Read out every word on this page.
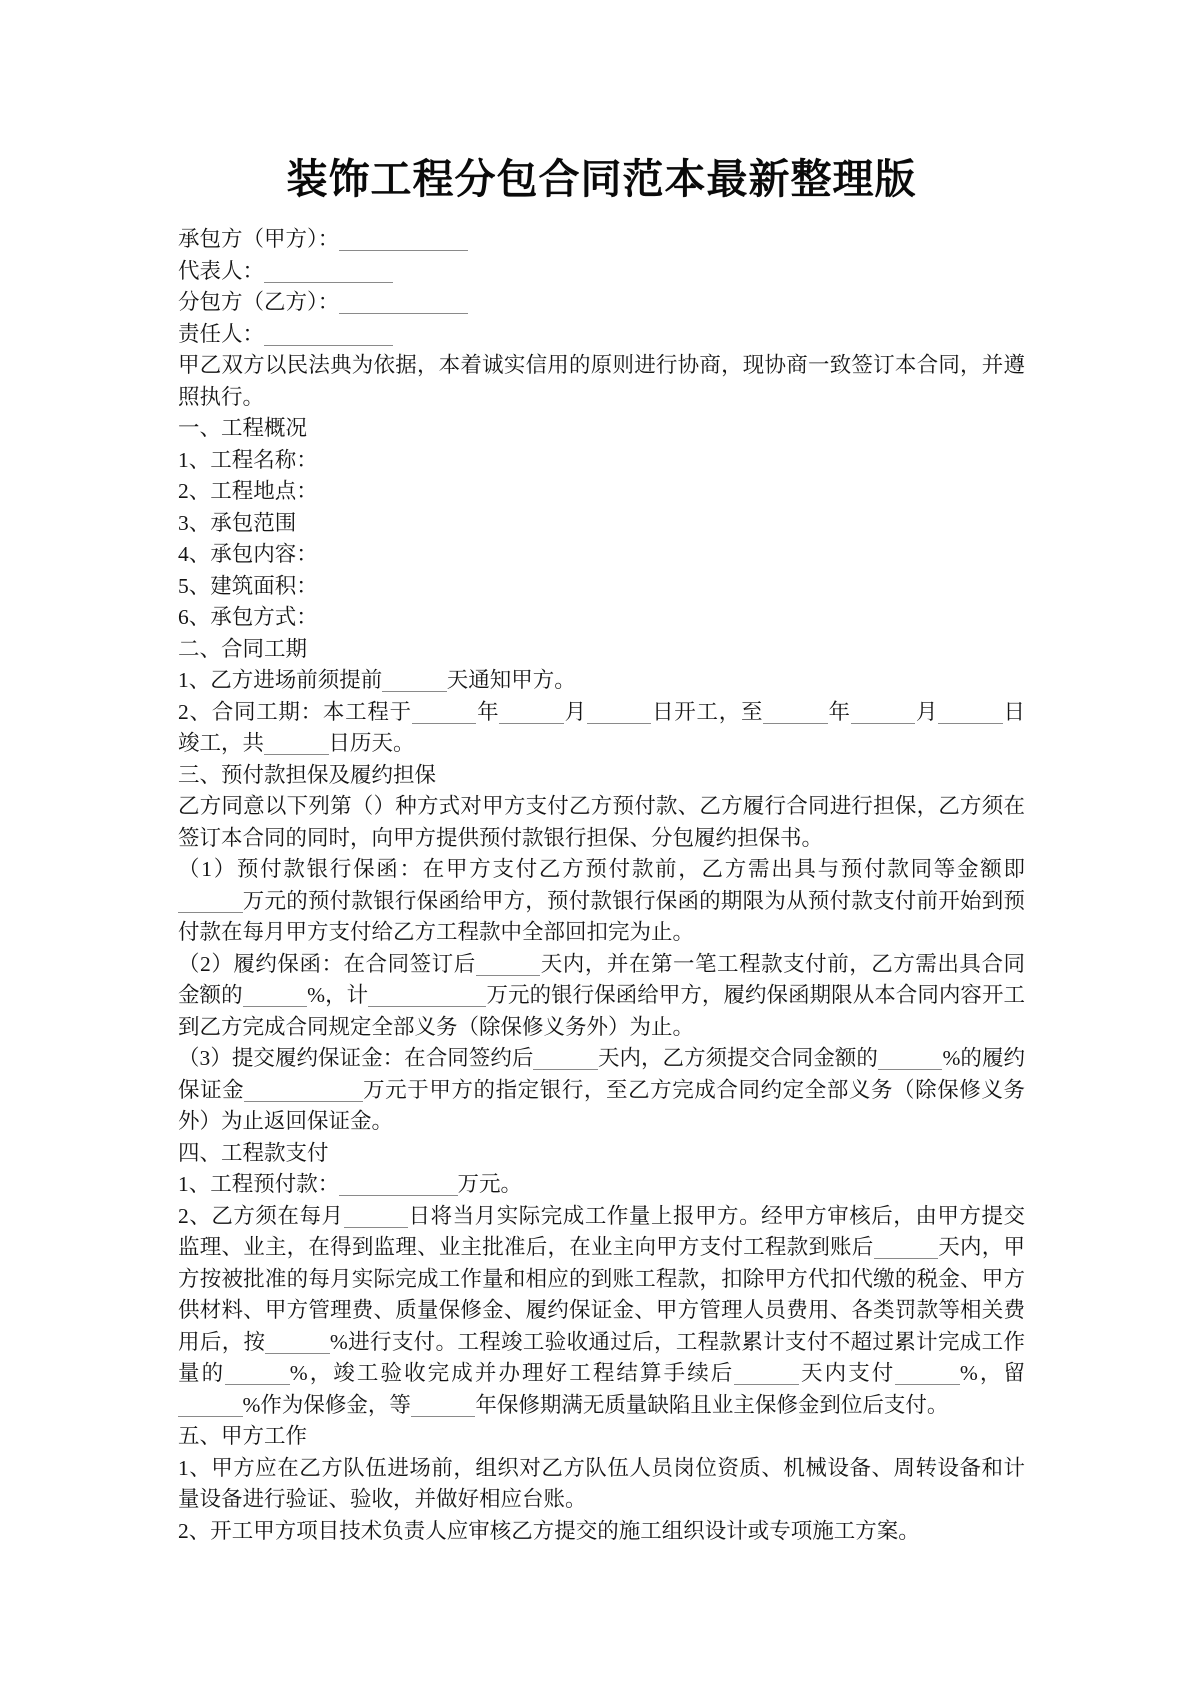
装饰工程分包合同范本最新整理版

承包方（甲方）：

代表人：

分包方（乙方）：

责任人：

甲乙双方以民法典为依据，本着诚实信用的原则进行协商，现协商一致签订本合同，并遵照执行。

一、工程概况

1、工程名称：

2、工程地点：

3、承包范围

4、承包内容：

5、建筑面积：

6、承包方式：

二、合同工期

1、乙方进场前须提前	天通知甲方。

2、合同工期：本工程于	年	月	日开工，至	年	月	日竣工，共	日历天。

三、预付款担保及履约担保

乙方同意以下列第（）种方式对甲方支付乙方预付款、乙方履行合同进行担保，乙方须在签订本合同的同时，向甲方提供预付款银行担保、分包履约担保书。

（1）预付款银行保函：在甲方支付乙方预付款前，乙方需出具与预付款同等金额即万元的预付款银行保函给甲方，预付款银行保函的期限为从预付款支付前开始到预付款在每月甲方支付给乙方工程款中全部回扣完为止。

（2）履约保函：在合同签订后	天内，并在第一笔工程款支付前，乙方需出具合同金额的	%，计	万元的银行保函给甲方，履约保函期限从本合同内容开工到乙方完成合同规定全部义务（除保修义务外）为止。

（3）提交履约保证金：在合同签约后	天内，乙方须提交合同金额的	%的履约保证金	万元于甲方的指定银行，至乙方完成合同约定全部义务（除保修义务外）为止返回保证金。

四、工程款支付

1、工程预付款：	万元。

2、乙方须在每月	日将当月实际完成工作量上报甲方。经甲方审核后，由甲方提交监理、业主，在得到监理、业主批准后，在业主向甲方支付工程款到账后	天内，甲方按被批准的每月实际完成工作量和相应的到账工程款，扣除甲方代扣代缴的税金、甲方供材料、甲方管理费、质量保修金、履约保证金、甲方管理人员费用、各类罚款等相关费用后，按	%进行支付。工程竣工验收通过后，工程款累计支付不超过累计完成工作量的	%，竣工验收完成并办理好工程结算手续后	天内支付	%，留%作为保修金，等	年保修期满无质量缺陷且业主保修金到位后支付。

五、甲方工作

1、甲方应在乙方队伍进场前，组织对乙方队伍人员岗位资质、机械设备、周转设备和计量设备进行验证、验收，并做好相应台账。

2、开工甲方项目技术负责人应审核乙方提交的施工组织设计或专项施工方案。
